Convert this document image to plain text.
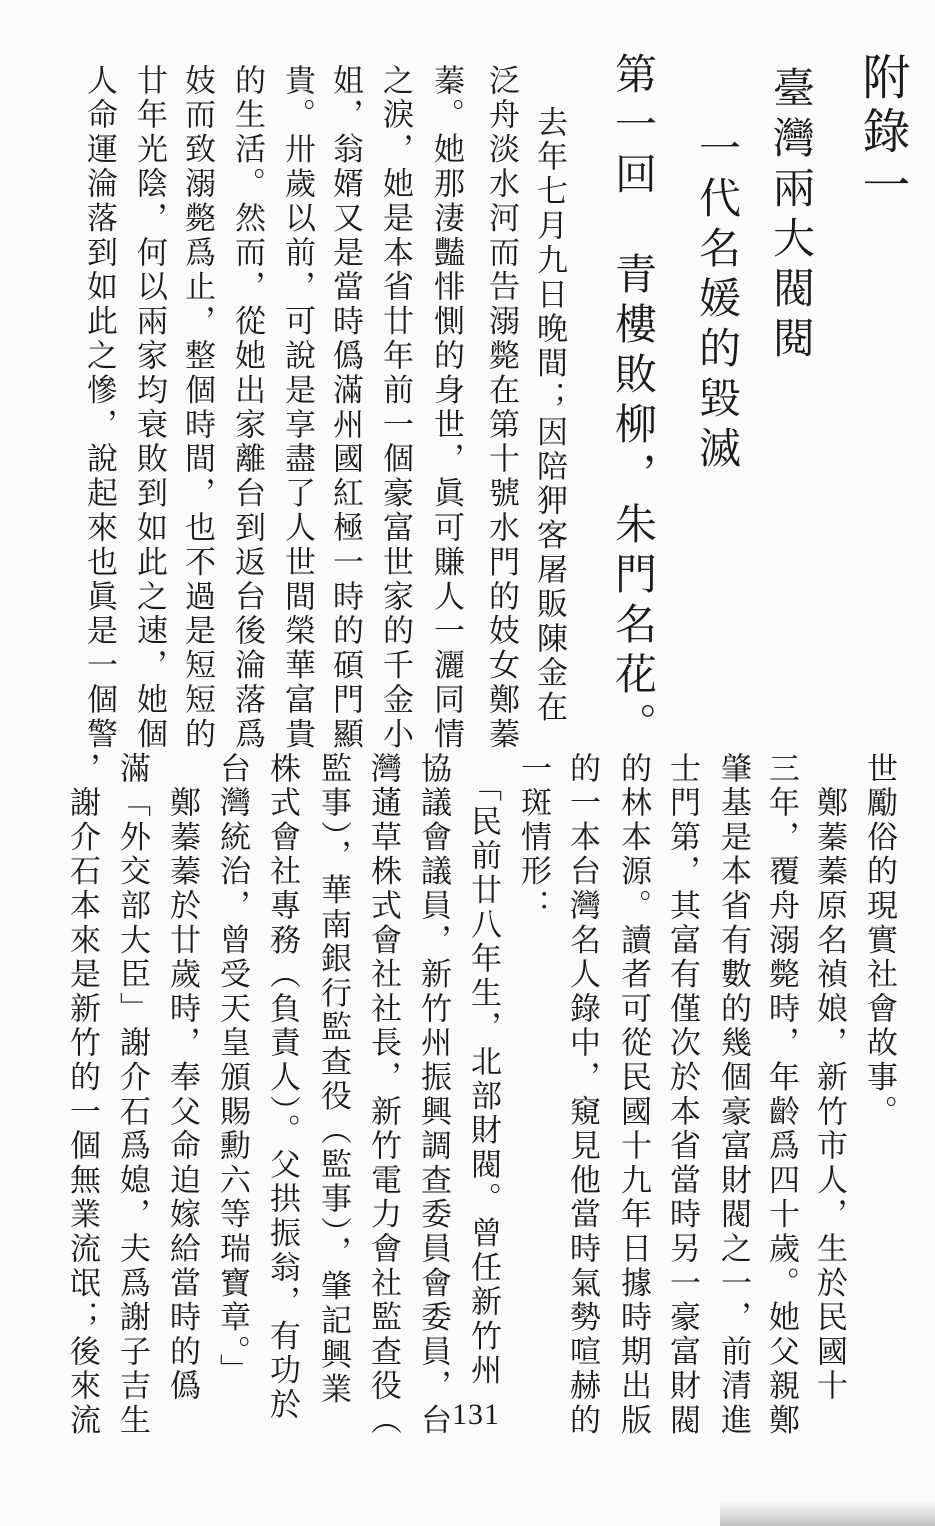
附錄一
臺灣兩大閥閱
一代名媛的毀滅
第一回　青樓敗柳，朱門名花。
去年七月九日晚間；因陪狎客屠販陳金在
泛舟淡水河而告溺斃在第十號水門的妓女鄭蓁
蓁。她那淒豔悱惻的身世，眞可賺人一灑同情
之淚，她是本省廿年前一個豪富世家的千金小
姐，翁婿又是當時僞滿州國紅極一時的碩門顯
貴。卅歲以前，可說是享盡了人世間榮華富貴
的生活。然而，從她出家離台到返台後淪落爲
妓而致溺斃爲止，整個時間，也不過是短短的
廿年光陰，何以兩家均衰敗到如此之速，她個
人命運淪落到如此之慘，說起來也眞是一個警
世勵俗的現實社會故事。
　鄭蓁蓁原名禎娘，新竹市人，生於民國十
三年，覆舟溺斃時，年齡爲四十歲。她父親鄭
肇基是本省有數的幾個豪富財閥之一，前清進
士門第，其富有僅次於本省當時另一豪富財閥
的林本源。讀者可從民國十九年日據時期出版
的一本台灣名人錄中，窺見他當時氣勢喧赫的
一斑情形：
　「民前廿八年生，北部財閥。曾任新竹州
協議會議員，新竹州振興調查委員會委員，台
灣蓪草株式會社社長，新竹電力會社監查役（
監事），華南銀行監查役（監事），肇記興業
株式會社專務（負責人）。父拱振翁，有功於
台灣統治，曾受天皇頒賜勳六等瑞寶章。」
　鄭蓁蓁於廿歲時，奉父命迫嫁給當時的僞
滿「外交部大臣」謝介石爲媳，夫爲謝子吉生
，謝介石本來是新竹的一個無業流氓；後來流	131
